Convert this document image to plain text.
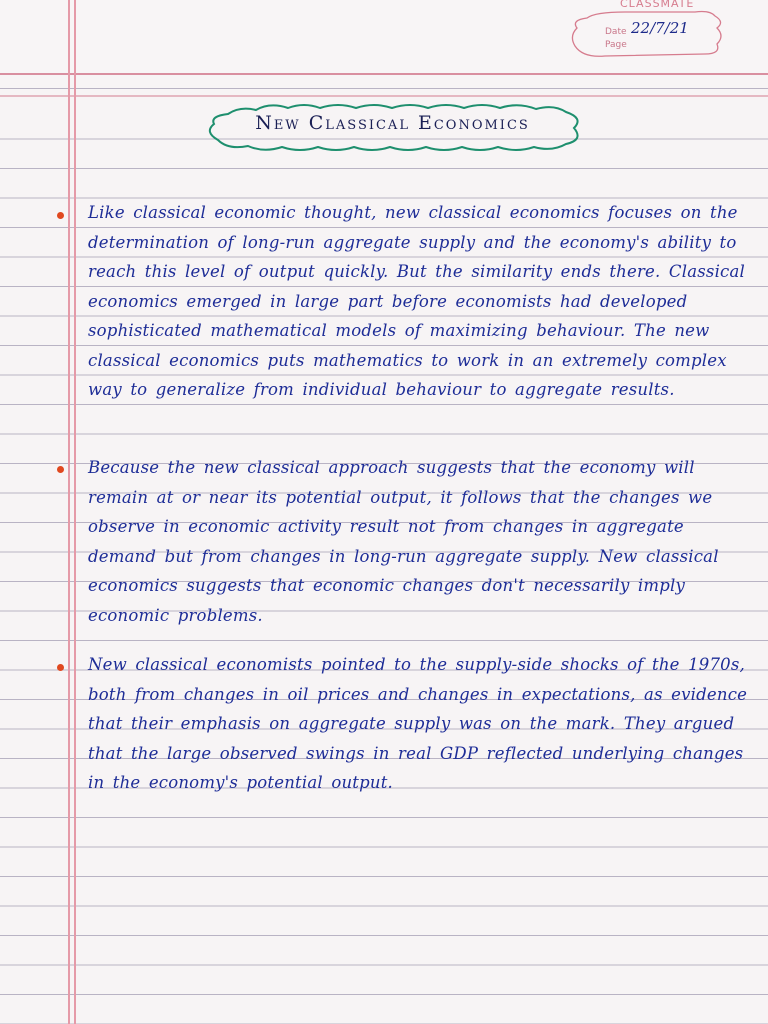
CLASSMATE
Date
Page
22/7/21
New Classical Economics

Like classical economic thought, new classical economics focuses on the determination of long-run aggregate supply and the economy's ability to reach this level of output quickly. But the similarity ends there. Classical economics emerged in large part before economists had developed sophisticated mathematical models of maximizing behaviour. The new classical economics puts mathematics to work in an extremely complex way to generalize from individual behaviour to aggregate results.

Because the new classical approach suggests that the economy will remain at or near its potential output, it follows that the changes we observe in economic activity result not from changes in aggregate demand but from changes in long-run aggregate supply. New classical economics suggests that economic changes don't necessarily imply economic problems.

New classical economists pointed to the supply-side shocks of the 1970s, both from changes in oil prices and changes in expectations, as evidence that their emphasis on aggregate supply was on the mark. They argued that the large observed swings in real GDP reflected underlying changes in the economy's potential output.
